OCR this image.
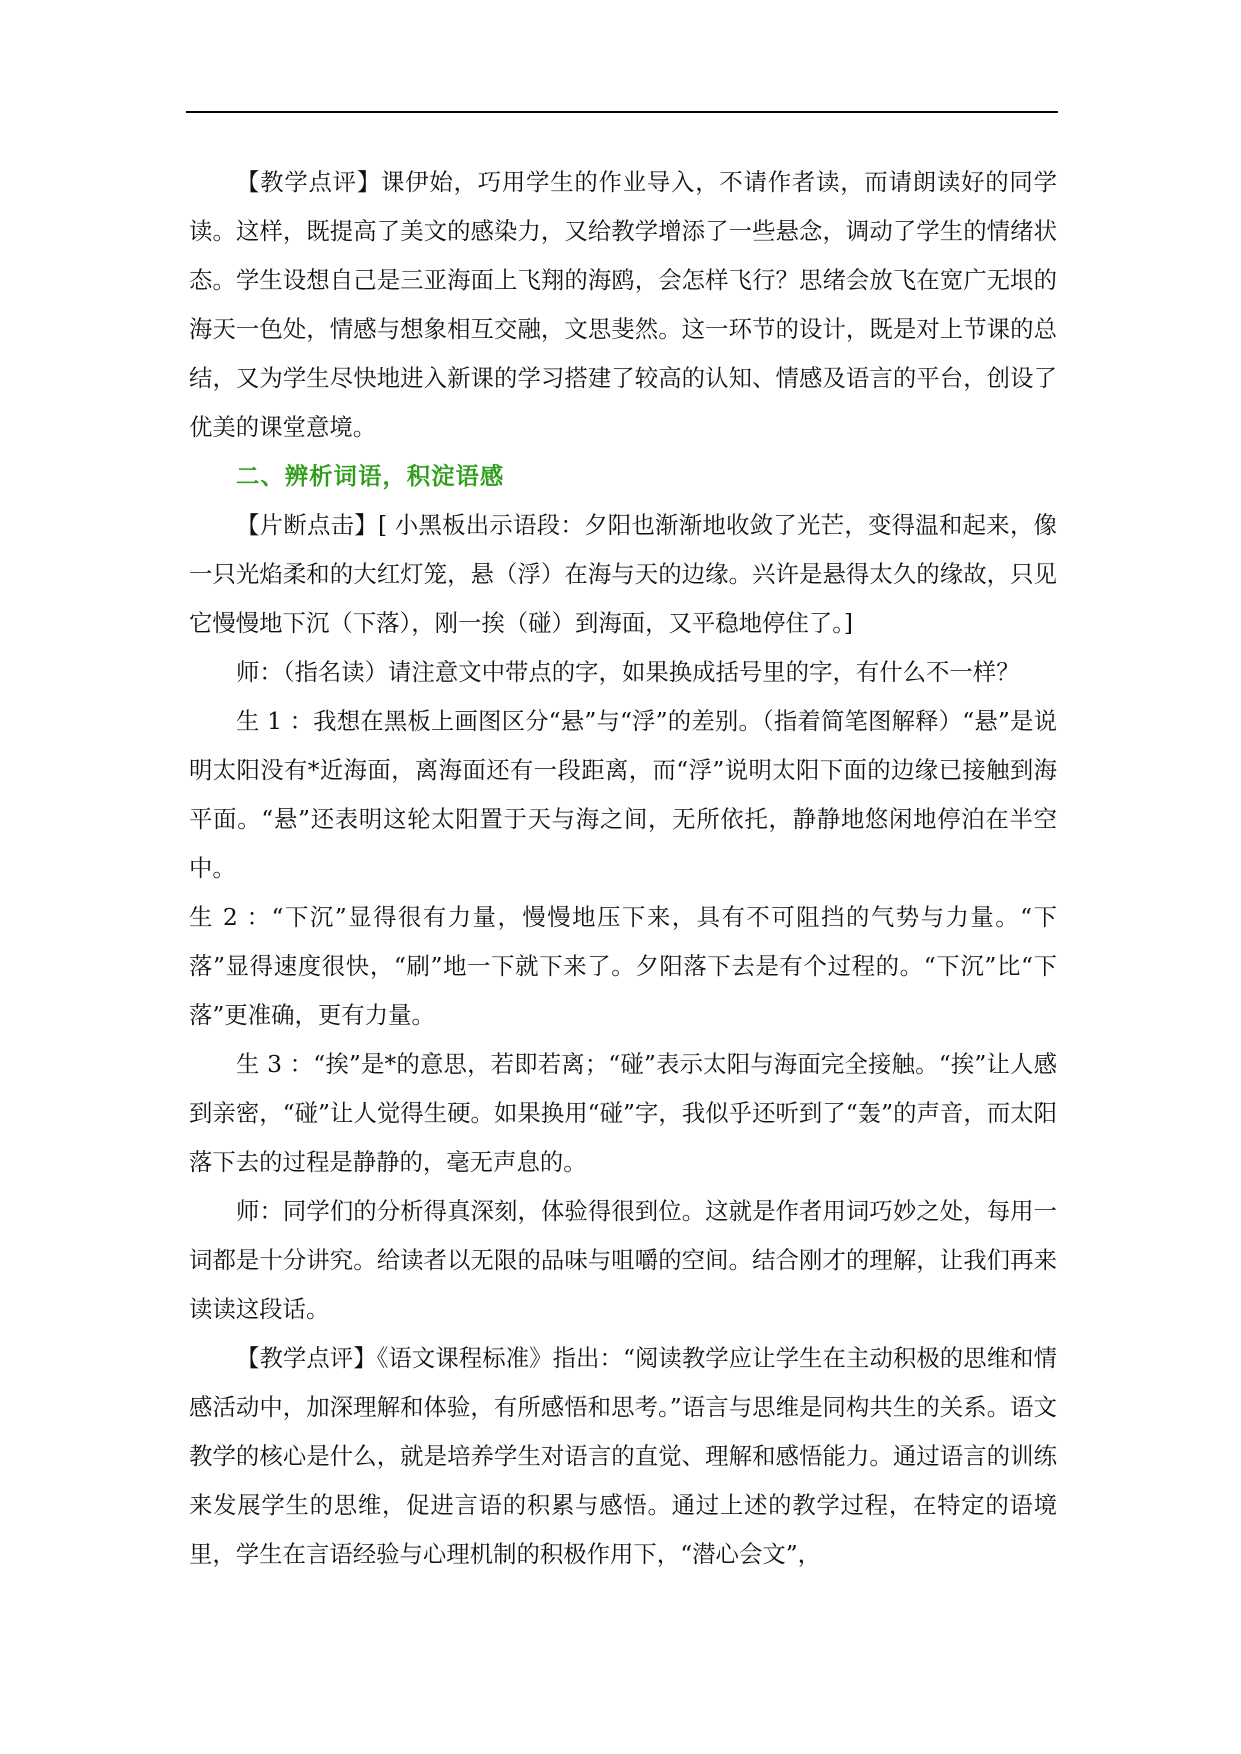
【教学点评】课伊始，巧用学生的作业导入，不请作者读，而请朗读好的同学读。这样，既提高了美文的感染力，又给教学增添了一些悬念，调动了学生的情绪状态。学生设想自己是三亚海面上飞翔的海鸥，会怎样飞行？思绪会放飞在宽广无垠的海天一色处，情感与想象相互交融，文思斐然。这一环节的设计，既是对上节课的总结，又为学生尽快地进入新课的学习搭建了较高的认知、情感及语言的平台，创设了优美的课堂意境。

二、辨析词语，积淀语感

【片断点击】[ 小黑板出示语段：夕阳也渐渐地收敛了光芒，变得温和起来，像一只光焰柔和的大红灯笼，悬（浮）在海与天的边缘。兴许是悬得太久的缘故，只见它慢慢地下沉（下落），刚一挨（碰）到海面，又平稳地停住了。]

师：（指名读）请注意文中带点的字，如果换成括号里的字，有什么不一样？

生 1 ：我想在黑板上画图区分“悬”与“浮”的差别。（指着简笔图解释）“悬”是说明太阳没有*近海面，离海面还有一段距离，而“浮”说明太阳下面的边缘已接触到海平面。“悬”还表明这轮太阳置于天与海之间，无所依托，静静地悠闲地停泊在半空中。

生 2 ：“下沉”显得很有力量，慢慢地压下来，具有不可阻挡的气势与力量。“下落”显得速度很快，“刷”地一下就下来了。夕阳落下去是有个过程的。“下沉”比“下落”更准确，更有力量。

生 3 ：“挨”是*的意思，若即若离；“碰”表示太阳与海面完全接触。“挨”让人感到亲密，“碰”让人觉得生硬。如果换用“碰”字，我似乎还听到了“轰”的声音，而太阳落下去的过程是静静的，毫无声息的。

师：同学们的分析得真深刻，体验得很到位。这就是作者用词巧妙之处，每用一词都是十分讲究。给读者以无限的品味与咀嚼的空间。结合刚才的理解，让我们再来读读这段话。

【教学点评】《语文课程标准》指出：“阅读教学应让学生在主动积极的思维和情感活动中，加深理解和体验，有所感悟和思考。”语言与思维是同构共生的关系。语文教学的核心是什么，就是培养学生对语言的直觉、理解和感悟能力。通过语言的训练来发展学生的思维，促进言语的积累与感悟。通过上述的教学过程，在特定的语境里，学生在言语经验与心理机制的积极作用下，“潜心会文”，
